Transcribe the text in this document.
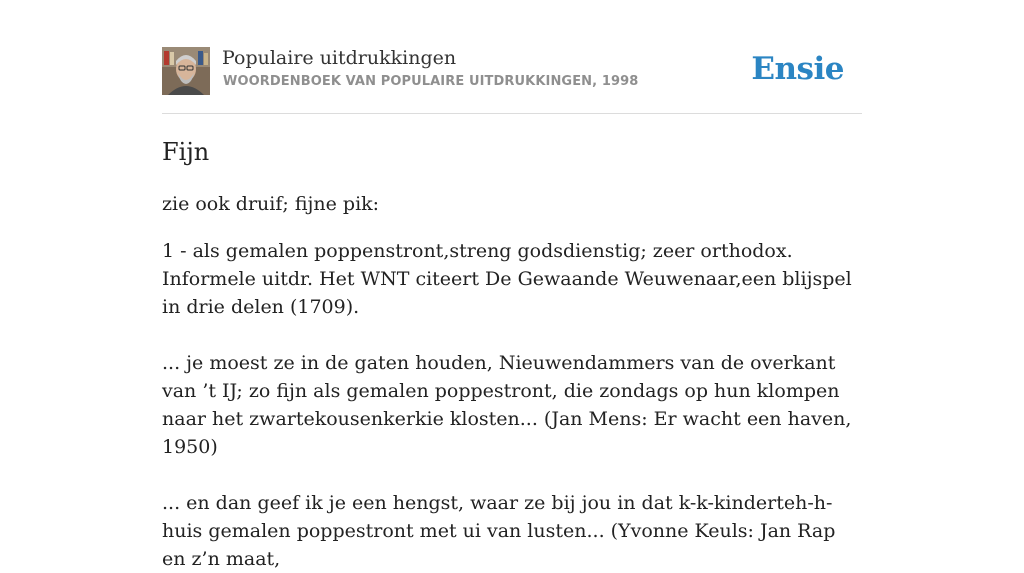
Populaire uitdrukkingen
WOORDENBOEK VAN POPULAIRE UITDRUKKINGEN, 1998	Ensie
Fijn

zie ook druif; fijne pik:

1 - als gemalen poppenstront,streng godsdienstig; zeer orthodox. Informele uitdr. Het WNT citeert De Gewaande Weuwenaar,een blijspel in drie delen (1709).

... je moest ze in de gaten houden, Nieuwendammers van de overkant van ’t IJ; zo fijn als gemalen poppestront, die zondags op hun klompen naar het zwartekousenkerkie klosten... (Jan Mens: Er wacht een haven, 1950)

... en dan geef ik je een hengst, waar ze bij jou in dat k-k-kinderteh-h-huis gemalen poppestront met ui van lusten... (Yvonne Keuls: Jan Rap en z’n maat,
